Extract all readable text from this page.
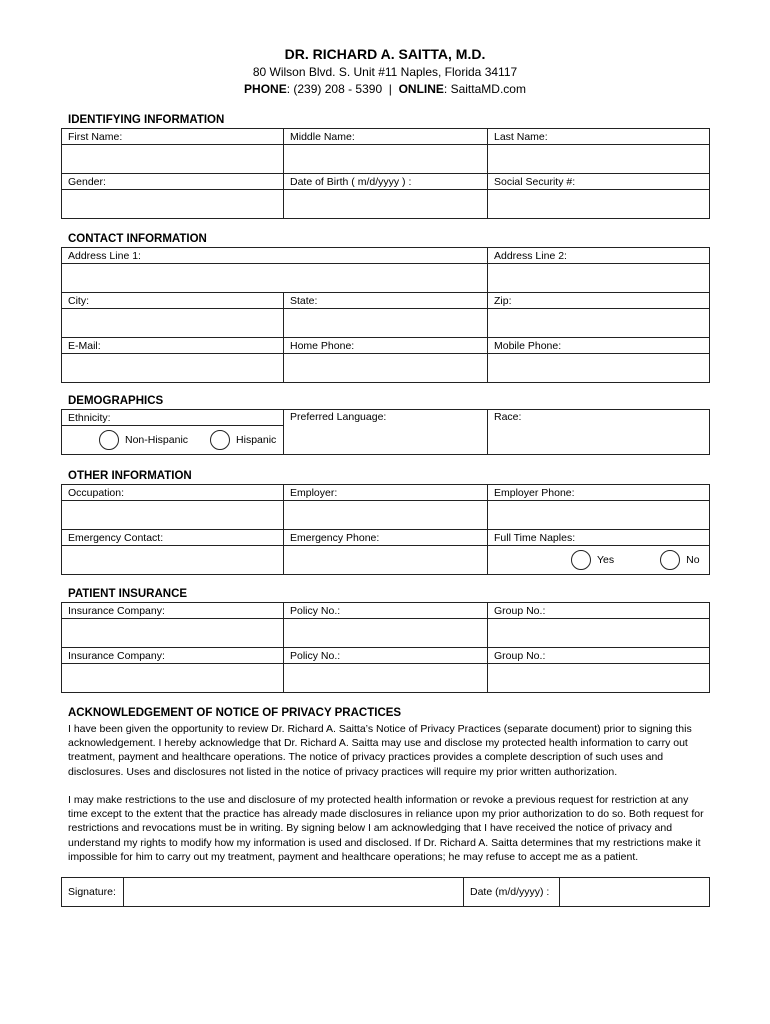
DR. RICHARD A. SAITTA, M.D.
80 Wilson Blvd. S. Unit #11 Naples, Florida 34117
PHONE: (239) 208 - 5390  |  ONLINE: SaittaMD.com
IDENTIFYING INFORMATION
First Name:	Middle Name:	Last Name:

Gender:	Date of Birth ( m/d/yyyy ) :	Social Security #:

CONTACT INFORMATION
Address Line 1:		Address Line 2:

City:	State:	Zip:

E-Mail:	Home Phone:	Mobile Phone:

DEMOGRAPHICS
Ethnicity:	Preferred Language:	Race:

Non-Hispanic	Hispanic
OTHER INFORMATION
Occupation:	Employer:	Employer Phone:

Emergency Contact:	Emergency Phone:	Full Time Naples:

		Yes No
PATIENT INSURANCE
Insurance Company:	Policy No.:	Group No.:

Insurance Company:	Policy No.:	Group No.:

ACKNOWLEDGEMENT OF NOTICE OF PRIVACY PRACTICES

I have been given the opportunity to review Dr. Richard A. Saitta’s Notice of Privacy Practices (separate document) prior to signing this acknowledgement. I hereby acknowledge that Dr. Richard A. Saitta may use and disclose my protected health information to carry out treatment, payment and healthcare operations. The notice of privacy practices provides a complete description of such uses and disclosures. Uses and disclosures not listed in the notice of privacy practices will require my prior written authorization.

I may make restrictions to the use and disclosure of my protected health information or revoke a previous request for restriction at any time except to the extent that the practice has already made disclosures in reliance upon my prior authorization to do so. Both request for restrictions and revocations must be in writing. By signing below I am acknowledging that I have received the notice of privacy and understand my rights to modify how my information is used and disclosed. If Dr. Richard A. Saitta determines that my restrictions make it impossible for him to carry out my treatment, payment and healthcare operations; he may refuse to accept me as a patient.

Signature:		Date (m/d/yyyy) :	
